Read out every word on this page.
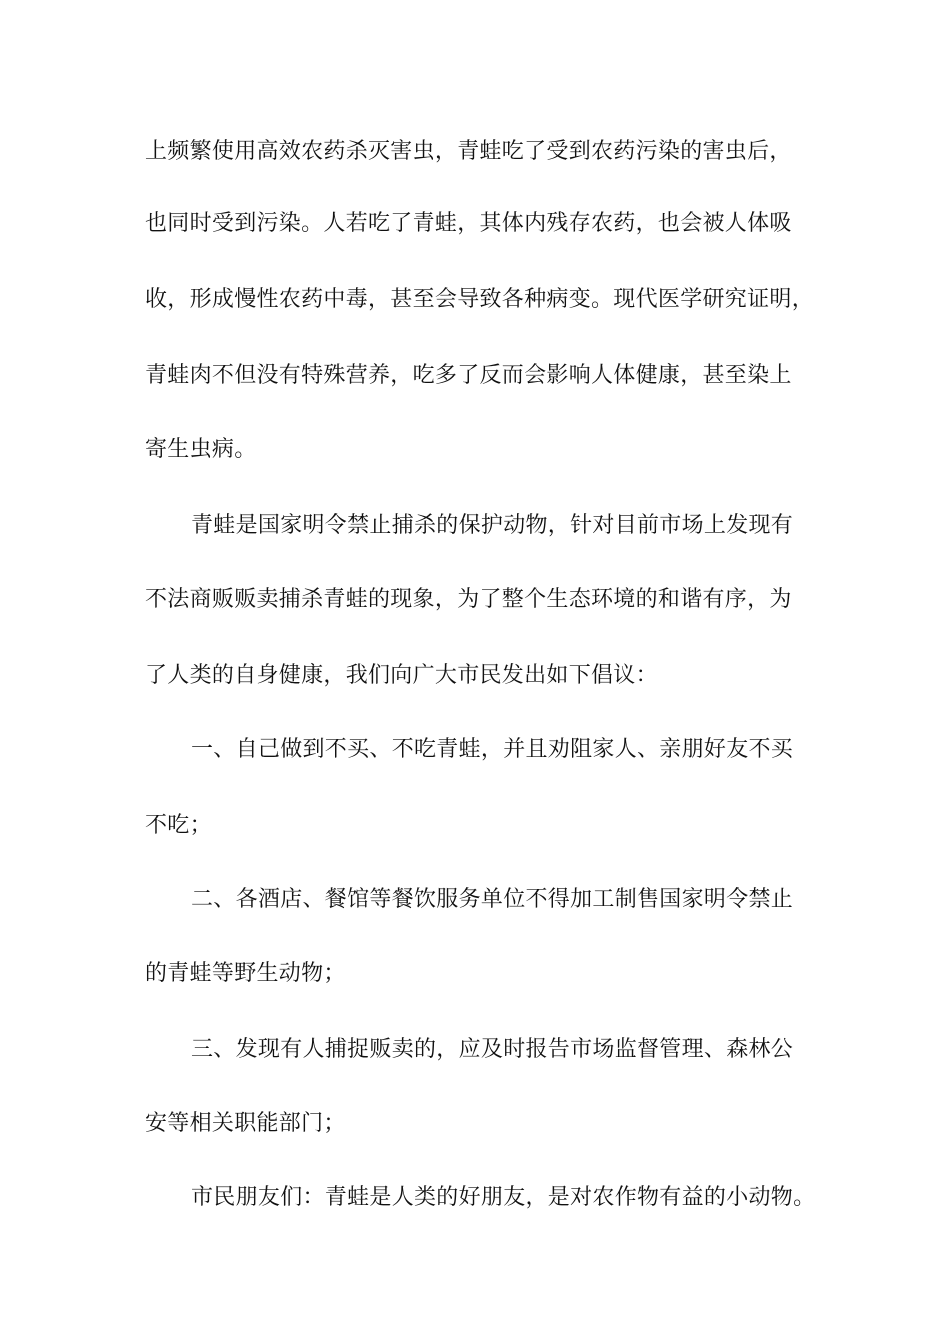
上频繁使用高效农药杀灭害虫，青蛙吃了受到农药污染的害虫后，
也同时受到污染。人若吃了青蛙，其体内残存农药，也会被人体吸
收，形成慢性农药中毒，甚至会导致各种病变。现代医学研究证明，
青蛙肉不但没有特殊营养，吃多了反而会影响人体健康，甚至染上
寄生虫病。
青蛙是国家明令禁止捕杀的保护动物，针对目前市场上发现有
不法商贩贩卖捕杀青蛙的现象，为了整个生态环境的和谐有序，为
了人类的自身健康，我们向广大市民发出如下倡议：
一、自己做到不买、不吃青蛙，并且劝阻家人、亲朋好友不买
不吃；
二、各酒店、餐馆等餐饮服务单位不得加工制售国家明令禁止
的青蛙等野生动物；
三、发现有人捕捉贩卖的，应及时报告市场监督管理、森林公
安等相关职能部门；
市民朋友们：青蛙是人类的好朋友，是对农作物有益的小动物。
